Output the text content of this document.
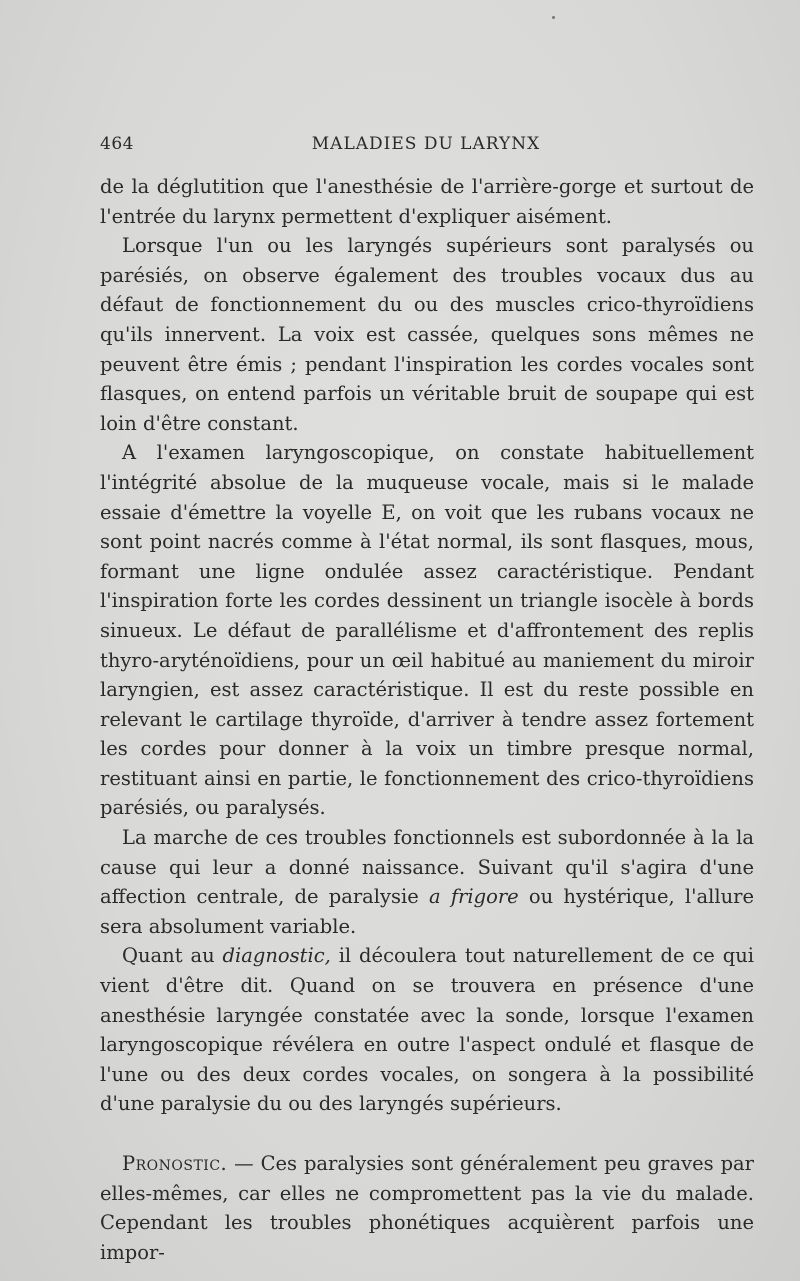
464	MALADIES DU LARYNX

de la déglutition que l'anesthésie de l'arrière-gorge et surtout de l'entrée du larynx permettent d'expliquer aisément.

Lorsque l'un ou les laryngés supérieurs sont paralysés ou parésiés, on observe également des troubles vocaux dus au défaut de fonctionnement du ou des muscles crico-thyroïdiens qu'ils innervent. La voix est cassée, quelques sons mêmes ne peuvent être émis ; pendant l'inspiration les cordes vocales sont flasques, on entend parfois un véritable bruit de soupape qui est loin d'être constant.

A l'examen laryngoscopique, on constate habituellement l'intégrité absolue de la muqueuse vocale, mais si le malade essaie d'émettre la voyelle E, on voit que les rubans vocaux ne sont point nacrés comme à l'état normal, ils sont flasques, mous, formant une ligne ondulée assez caractéristique. Pendant l'inspiration forte les cordes dessinent un triangle isocèle à bords sinueux. Le défaut de parallélisme et d'affrontement des replis thyro-aryténoïdiens, pour un œil habitué au maniement du miroir laryngien, est assez caractéristique. Il est du reste possible en relevant le cartilage thyroïde, d'arriver à tendre assez fortement les cordes pour donner à la voix un timbre presque normal, restituant ainsi en partie, le fonctionnement des crico-thyroïdiens parésiés, ou paralysés.

La marche de ces troubles fonctionnels est subordonnée à la la cause qui leur a donné naissance. Suivant qu'il s'agira d'une affection centrale, de paralysie a frigore ou hystérique, l'allure sera absolument variable.

Quant au diagnostic, il découlera tout naturellement de ce qui vient d'être dit. Quand on se trouvera en présence d'une anesthésie laryngée constatée avec la sonde, lorsque l'examen laryngoscopique révélera en outre l'aspect ondulé et flasque de l'une ou des deux cordes vocales, on songera à la possibilité d'une paralysie du ou des laryngés supérieurs.

Pronostic. — Ces paralysies sont généralement peu graves par elles-mêmes, car elles ne compromettent pas la vie du malade. Cependant les troubles phonétiques acquièrent parfois une impor-
